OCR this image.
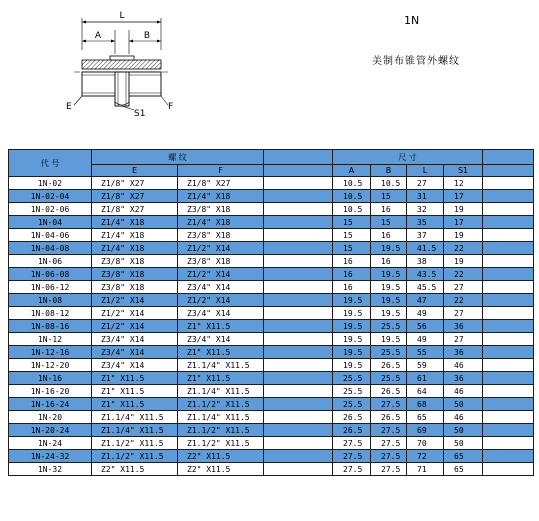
L
A	B
E
S1
F
1N
美制布锥管外螺纹
代 号	螺 纹			尺 寸				
	E	F		A	B	L	S1	
1N-02	Z1/8" X27	Z1/8" X27		10.5	10.5	27	12	
1N-02-04	Z1/8" X27	Z1/4" X18		10.5	15	31	17	
1N-02-06	Z1/8" X27	Z3/8" X18		10.5	16	32	19	
1N-04	Z1/4" X18	Z1/4" X18		15	15	35	17	
1N-04-06	Z1/4" X18	Z3/8" X18		15	16	37	19	
1N-04-08	Z1/4" X18	Z1/2" X14		15	19.5	41.5	22	
1N-06	Z3/8" X18	Z3/8" X18		16	16	38	19	
1N-06-08	Z3/8" X18	Z1/2" X14		16	19.5	43.5	22	
1N-06-12	Z3/8" X18	Z3/4" X14		16	19.5	45.5	27	
1N-08	Z1/2" X14	Z1/2" X14		19.5	19.5	47	22	
1N-08-12	Z1/2" X14	Z3/4" X14		19.5	19.5	49	27	
1N-08-16	Z1/2" X14	Z1" X11.5		19.5	25.5	56	36	
1N-12	Z3/4" X14	Z3/4" X14		19.5	19.5	49	27	
1N-12-16	Z3/4" X14	Z1" X11.5		19.5	25.5	55	36	
1N-12-20	Z3/4" X14	Z1.1/4" X11.5		19.5	26.5	59	46	
1N-16	Z1" X11.5	Z1" X11.5		25.5	25.5	61	36	
1N-16-20	Z1" X11.5	Z1.1/4" X11.5		25.5	26.5	64	46	
1N-16-24	Z1" X11.5	Z1.1/2" X11.5		25.5	27.5	68	50	
1N-20	Z1.1/4" X11.5	Z1.1/4" X11.5		26.5	26.5	65	46	
1N-20-24	Z1.1/4" X11.5	Z1.1/2" X11.5		26.5	27.5	69	50	
1N-24	Z1.1/2" X11.5	Z1.1/2" X11.5		27.5	27.5	70	50	
1N-24-32	Z1.1/2" X11.5	Z2" X11.5		27.5	27.5	72	65	
1N-32	Z2" X11.5	Z2" X11.5		27.5	27.5	71	65	
